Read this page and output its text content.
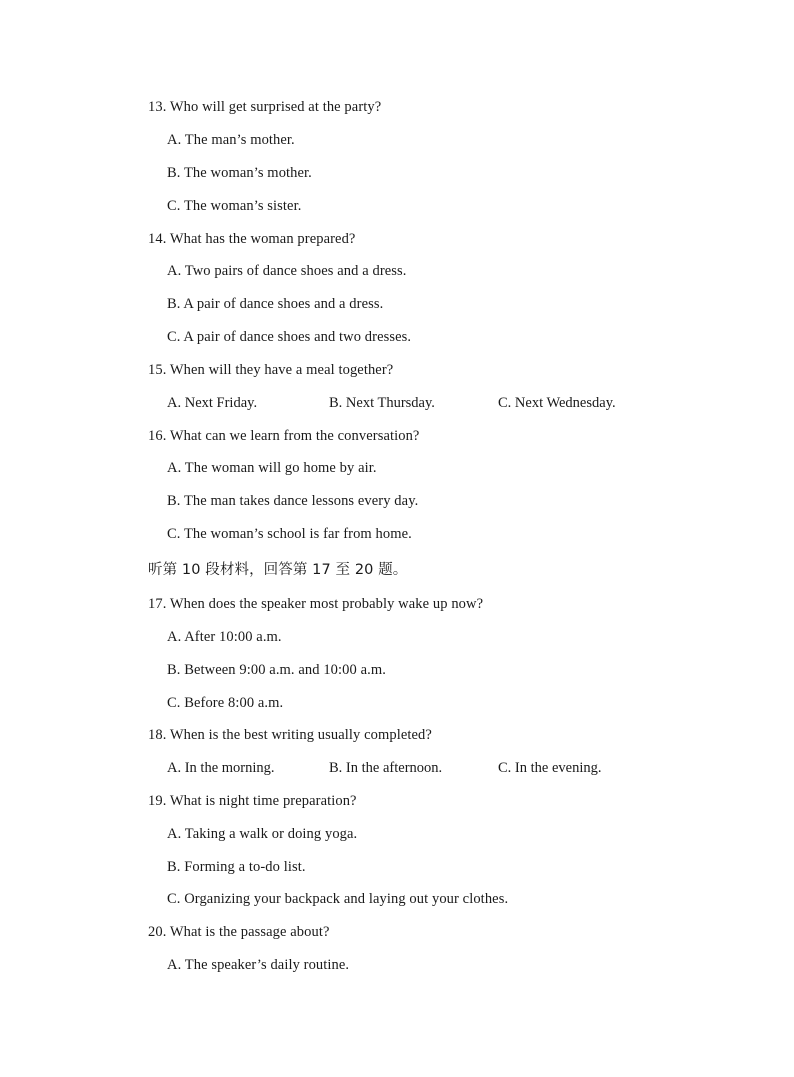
13. Who will get surprised at the party?
A. The man’s mother.
B. The woman’s mother.
C. The woman’s sister.
14. What has the woman prepared?
A. Two pairs of dance shoes and a dress.
B. A pair of dance shoes and a dress.
C. A pair of dance shoes and two dresses.
15. When will they have a meal together?
A. Next Friday.	B. Next Thursday.	C. Next Wednesday.
16. What can we learn from the conversation?
A. The woman will go home by air.
B. The man takes dance lessons every day.
C. The woman’s school is far from home.
听第 10 段材料，回答第 17 至 20 题。
17. When does the speaker most probably wake up now?
A. After 10:00 a.m.
B. Between 9:00 a.m. and 10:00 a.m.
C. Before 8:00 a.m.
18. When is the best writing usually completed?
A. In the morning.	B. In the afternoon.	C. In the evening.
19. What is night time preparation?
A. Taking a walk or doing yoga.
B. Forming a to-do list.
C. Organizing your backpack and laying out your clothes.
20. What is the passage about?
A. The speaker’s daily routine.
